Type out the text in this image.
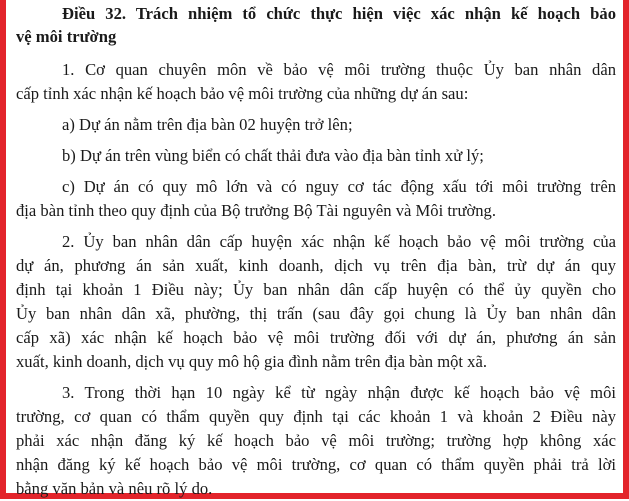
Điều 32. Trách nhiệm tổ chức thực hiện việc xác nhận kế hoạch bảo
vệ môi trường
1. Cơ quan chuyên môn về bảo vệ môi trường thuộc Ủy ban nhân dân
cấp tỉnh xác nhận kế hoạch bảo vệ môi trường của những dự án sau:
a) Dự án nằm trên địa bàn 02 huyện trở lên;
b) Dự án trên vùng biển có chất thải đưa vào địa bàn tỉnh xử lý;
c) Dự án có quy mô lớn và có nguy cơ tác động xấu tới môi trường trên
địa bàn tỉnh theo quy định của Bộ trưởng Bộ Tài nguyên và Môi trường.
2. Ủy ban nhân dân cấp huyện xác nhận kế hoạch bảo vệ môi trường của
dự án, phương án sản xuất, kinh doanh, dịch vụ trên địa bàn, trừ dự án quy
định tại khoản 1 Điều này; Ủy ban nhân dân cấp huyện có thể ủy quyền cho
Ủy ban nhân dân xã, phường, thị trấn (sau đây gọi chung là Ủy ban nhân dân
cấp xã) xác nhận kế hoạch bảo vệ môi trường đối với dự án, phương án sản
xuất, kinh doanh, dịch vụ quy mô hộ gia đình nằm trên địa bàn một xã.
3. Trong thời hạn 10 ngày kể từ ngày nhận được kế hoạch bảo vệ môi
trường, cơ quan có thẩm quyền quy định tại các khoản 1 và khoản 2 Điều này
phải xác nhận đăng ký kế hoạch bảo vệ môi trường; trường hợp không xác
nhận đăng ký kế hoạch bảo vệ môi trường, cơ quan có thẩm quyền phải trả lời
bằng văn bản và nêu rõ lý do.
